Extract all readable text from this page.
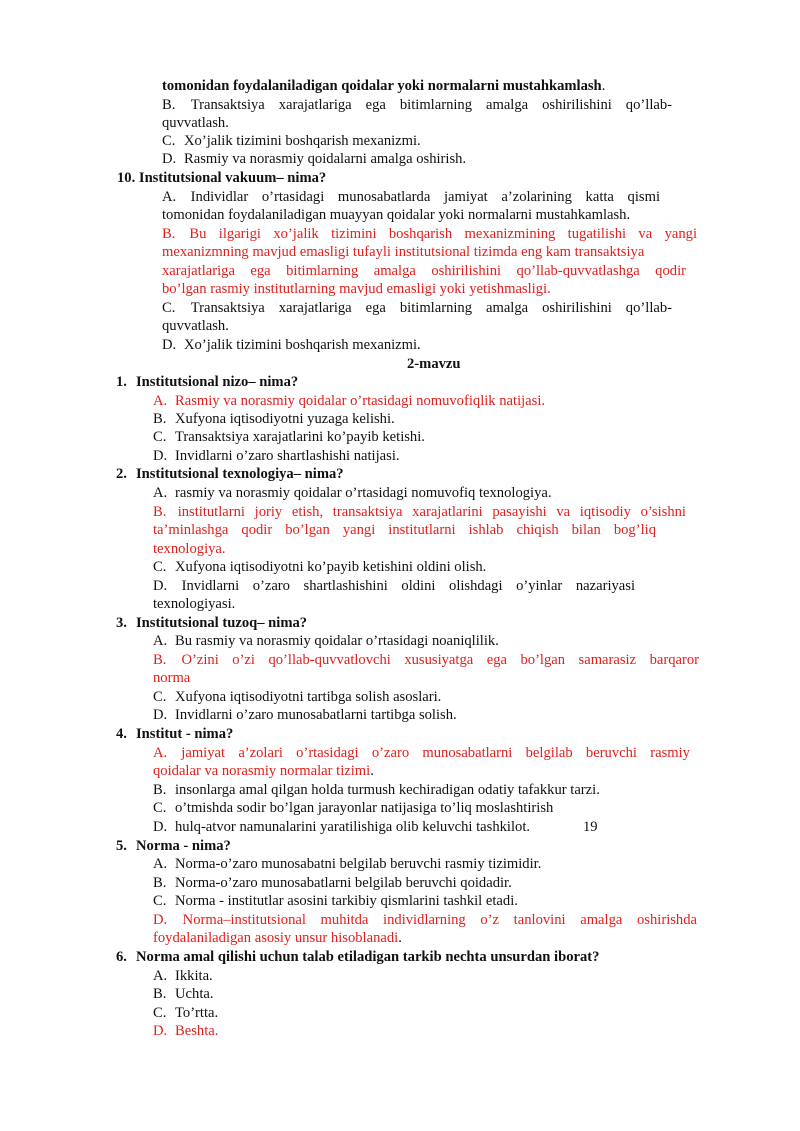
tomonidan foydalaniladigan qoidalar yoki normalarni mustahkamlash.
B. Transaktsiya xarajatlariga ega bitimlarning amalga oshirilishini qo’llab-
quvvatlash.
C. Xo’jalik tizimini boshqarish mexanizmi.
D. Rasmiy va norasmiy qoidalarni amalga oshirish.
10. Institutsional vakuum– nima?
A. Individlar o’rtasidagi munosabatlarda jamiyat a’zolarining katta qismi
tomonidan foydalaniladigan muayyan qoidalar yoki normalarni mustahkamlash.
B. Bu ilgarigi xo’jalik tizimini boshqarish mexanizmining tugatilishi va yangi
mexanizmning mavjud emasligi tufayli institutsional tizimda eng kam transaktsiya
xarajatlariga ega bitimlarning amalga oshirilishini qo’llab-quvvatlashga qodir
bo’lgan rasmiy institutlarning mavjud emasligi yoki yetishmasligi.
C. Transaktsiya xarajatlariga ega bitimlarning amalga oshirilishini qo’llab-
quvvatlash.
D. Xo’jalik tizimini boshqarish mexanizmi.
2-mavzu
1. Institutsional nizo– nima?
A. Rasmiy va norasmiy qoidalar o’rtasidagi nomuvofiqlik natijasi.
B. Xufyona iqtisodiyotni yuzaga kelishi.
C. Transaktsiya xarajatlarini ko’payib ketishi.
D. Invidlarni o’zaro shartlashishi natijasi.
2. Institutsional texnologiya– nima?
A. rasmiy va norasmiy qoidalar o’rtasidagi nomuvofiq texnologiya.
B. institutlarni joriy etish, transaktsiya xarajatlarini pasayishi va iqtisodiy o’sishni
ta’minlashga qodir bo’lgan yangi institutlarni ishlab chiqish bilan bog’liq
texnologiya.
C. Xufyona iqtisodiyotni ko’payib ketishini oldini olish.
D. Invidlarni o’zaro shartlashishini oldini olishdagi o’yinlar nazariyasi
texnologiyasi.
3. Institutsional tuzoq– nima?
A. Bu rasmiy va norasmiy qoidalar o’rtasidagi noaniqlilik.
B. O’zini o’zi qo’llab-quvvatlovchi xususiyatga ega bo’lgan samarasiz barqaror
norma
C. Xufyona iqtisodiyotni tartibga solish asoslari.
D. Invidlarni o’zaro munosabatlarni tartibga solish.
4. Institut - nima?
A. jamiyat a’zolari o’rtasidagi o’zaro munosabatlarni belgilab beruvchi rasmiy
qoidalar va norasmiy normalar tizimi.
B. insonlarga amal qilgan holda turmush kechiradigan odatiy tafakkur tarzi.
C. o’tmishda sodir bo’lgan jarayonlar natijasiga to’liq moslashtirish
D. hulq-atvor namunalarini yaratilishiga olib keluvchi tashkilot.	19
5. Norma - nima?
A. Norma-o’zaro munosabatni belgilab beruvchi rasmiy tizimidir.
B. Norma-o’zaro munosabatlarni belgilab beruvchi qoidadir.
C. Norma - institutlar asosini tarkibiy qismlarini tashkil etadi.
D. Norma–institutsional muhitda individlarning o’z tanlovini amalga oshirishda
foydalaniladigan asosiy unsur hisoblanadi.
6. Norma amal qilishi uchun talab etiladigan tarkib nechta unsurdan iborat?
A. Ikkita.
B. Uchta.
C. To’rtta.
D. Beshta.
